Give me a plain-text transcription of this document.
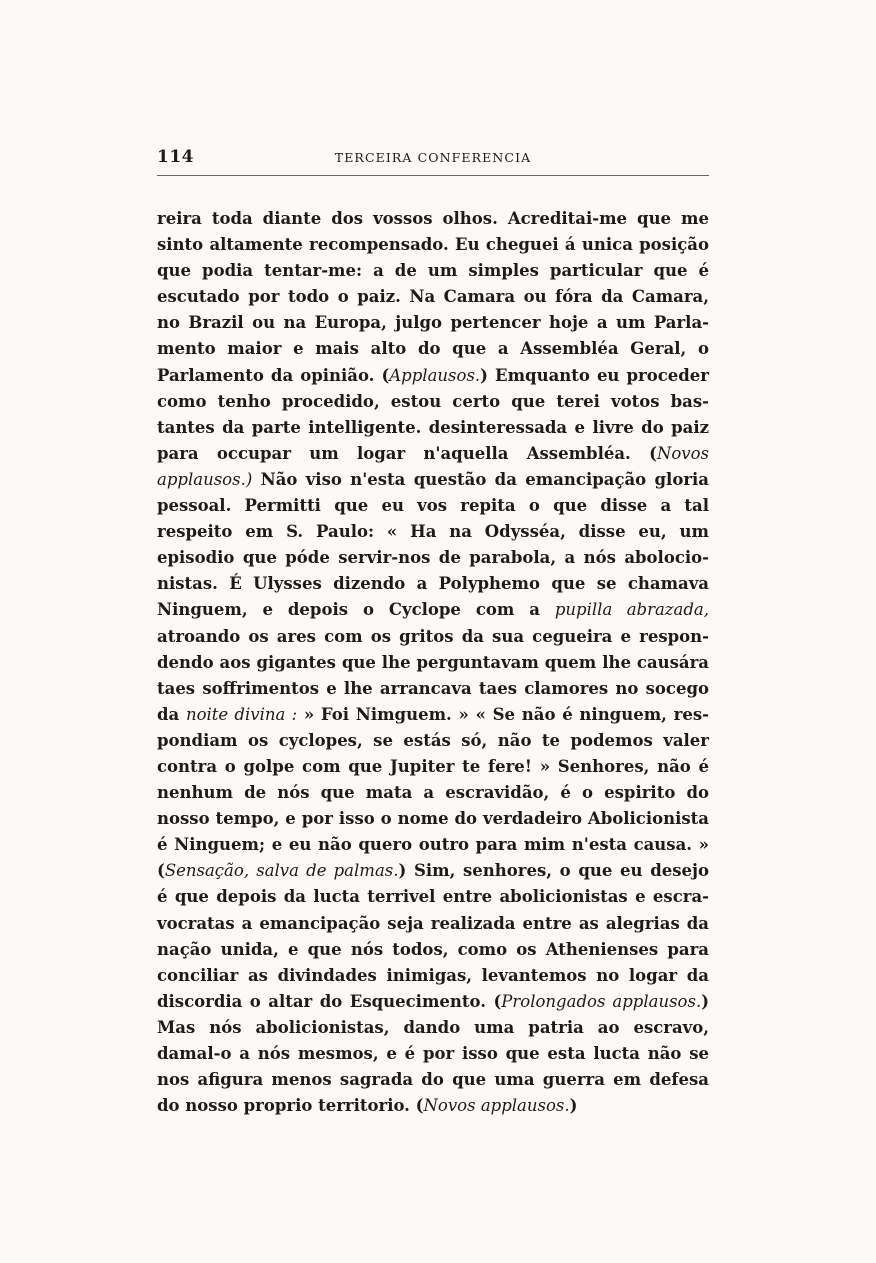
114	TERCEIRA CONFERENCIA
reira toda diante dos vossos olhos. Acreditai-me que me
sinto altamente recompensado. Eu cheguei á unica posição
que podia tentar-me: a de um simples particular que é
escutado por todo o paiz. Na Camara ou fóra da Camara,
no Brazil ou na Europa, julgo pertencer hoje a um Parla-
mento maior e mais alto do que a Assembléa Geral, o
Parlamento da opinião. (Applausos.) Emquanto eu proceder
como tenho procedido, estou certo que terei votos bas-
tantes da parte intelligente. desinteressada e livre do paiz
para occupar um logar n'aquella Assembléa. (Novos
applausos.) Não viso n'esta questão da emancipação gloria
pessoal. Permitti que eu vos repita o que disse a tal
respeito em S. Paulo: « Ha na Odysséa, disse eu, um
episodio que póde servir-nos de parabola, a nós abolocio-
nistas. É Ulysses dizendo a Polyphemo que se chamava
Ninguem, e depois o Cyclope com a pupilla abrazada,
atroando os ares com os gritos da sua cegueira e respon-
dendo aos gigantes que lhe perguntavam quem lhe causára
taes soffrimentos e lhe arrancava taes clamores no socego
da noite divina : » Foi Nimguem. » « Se não é ninguem, res-
pondiam os cyclopes, se estás só, não te podemos valer
contra o golpe com que Jupiter te fere! » Senhores, não é
nenhum de nós que mata a escravidão, é o espirito do
nosso tempo, e por isso o nome do verdadeiro Abolicionista
é Ninguem; e eu não quero outro para mim n'esta causa. »
(Sensação, salva de palmas.) Sim, senhores, o que eu desejo
é que depois da lucta terrivel entre abolicionistas e escra-
vocratas a emancipação seja realizada entre as alegrias da
nação unida, e que nós todos, como os Athenienses para
conciliar as divindades inimigas, levantemos no logar da
discordia o altar do Esquecimento. (Prolongados applausos.)
Mas nós abolicionistas, dando uma patria ao escravo,
damal-o a nós mesmos, e é por isso que esta lucta não se
nos afigura menos sagrada do que uma guerra em defesa
do nosso proprio territorio. (Novos applausos.)
